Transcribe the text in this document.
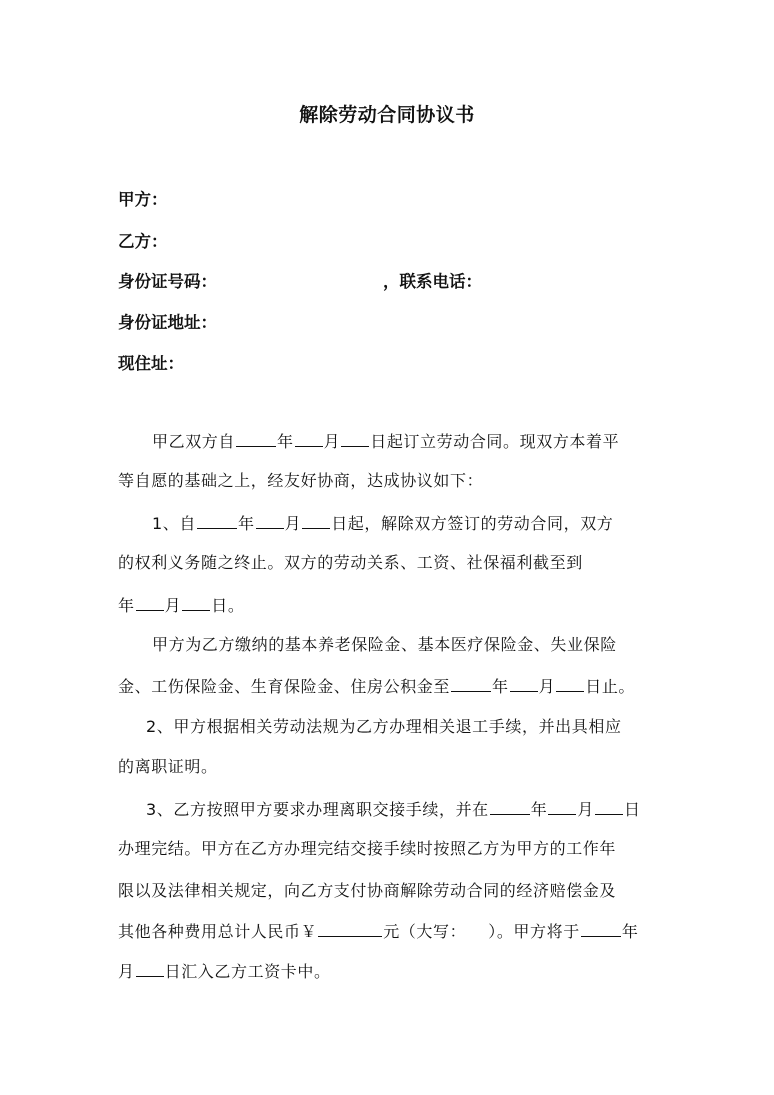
解除劳动合同协议书
甲方：
乙方：
身份证号码：	，联系电话：
身份证地址：
现住址：
甲乙双方自	年 月 日起订立劳动合同。现双方本着平
等自愿的基础之上，经友好协商，达成协议如下：
1、自	年 月 日起，解除双方签订的劳动合同，双方
的权利义务随之终止。双方的劳动关系、工资、社保福利截至到
年 月 日。
甲方为乙方缴纳的基本养老保险金、基本医疗保险金、失业保险
金、工伤保险金、生育保险金、住房公积金至	年 月 日止。
2、甲方根据相关劳动法规为乙方办理相关退工手续，并出具相应
的离职证明。
3、乙方按照甲方要求办理离职交接手续，并在	年 月 日
办理完结。甲方在乙方办理完结交接手续时按照乙方为甲方的工作年
限以及法律相关规定，向乙方支付协商解除劳动合同的经济赔偿金及
其他各种费用总计人民币￥	元（大写： ）。甲方将于	年
月 日汇入乙方工资卡中。
